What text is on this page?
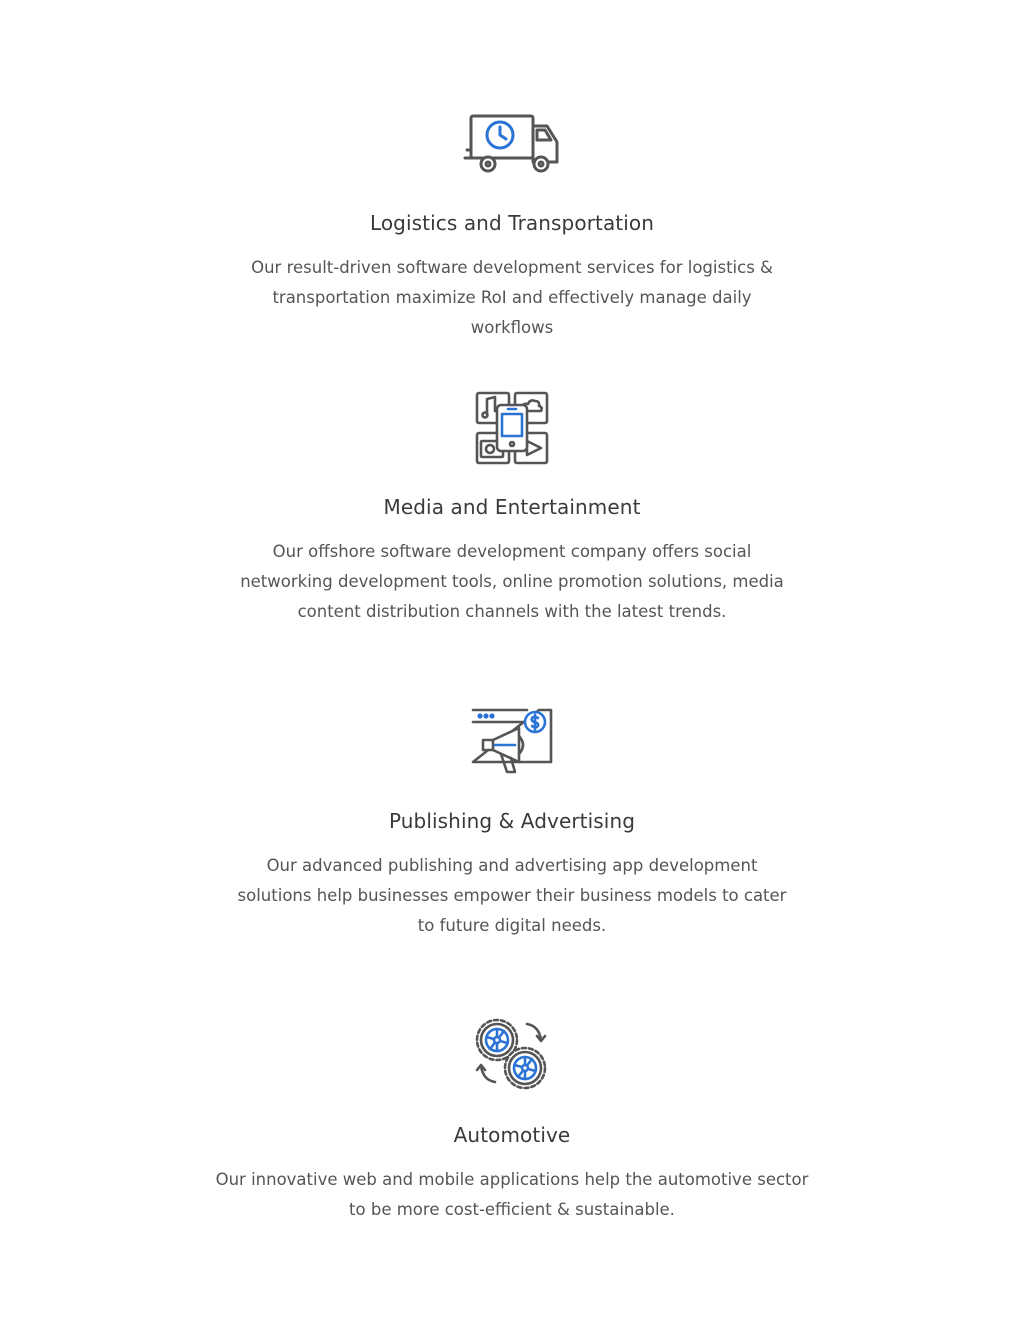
Logistics and Transportation

Our result-driven software development services for logistics & transportation maximize RoI and effectively manage daily workflows

Media and Entertainment

Our offshore software development company offers social networking development tools, online promotion solutions, media content distribution channels with the latest trends.

Publishing & Advertising

Our advanced publishing and advertising app development solutions help businesses empower their business models to cater to future digital needs.

Automotive

Our innovative web and mobile applications help the automotive sector to be more cost-efficient & sustainable.
